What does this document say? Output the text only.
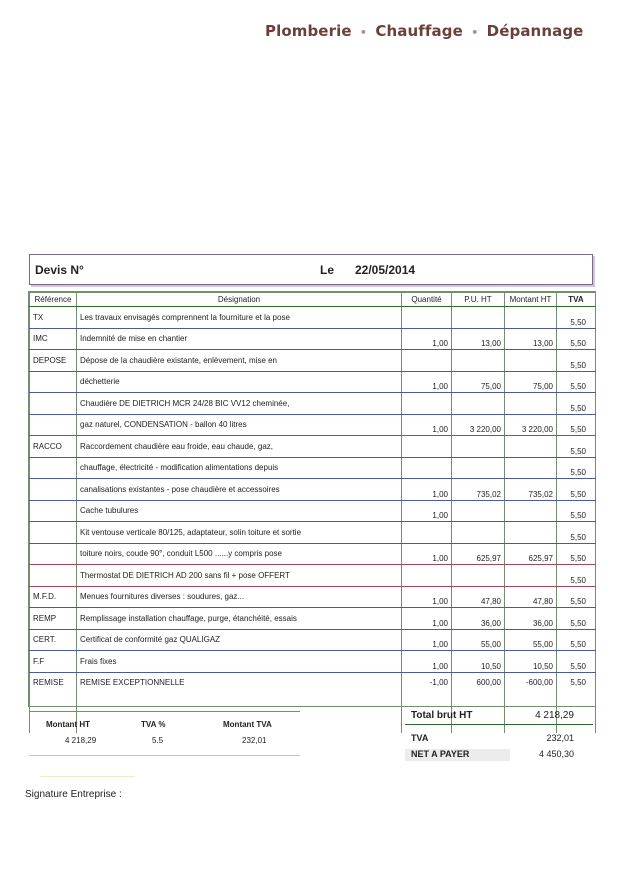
Plomberie • Chauffage • Dépannage
Devis N°	Le 22/05/2014
Référence	Désignation	Quantité	P.U. HT	Montant HT	TVA
TX	Les travaux envisagés comprennent la fourniture et la pose				5,50
IMC	Indemnité de mise en chantier	1,00	13,00	13,00	5,50
DEPOSE	Dépose de la chaudière existante, enlèvement, mise en				5,50
	déchetterie	1,00	75,00	75,00	5,50
	Chaudière DE DIETRICH MCR 24/28 BIC VV12 cheminée,				5,50
	gaz naturel, CONDENSATION - ballon 40 litres	1,00	3 220,00	3 220,00	5,50
RACCO	Raccordement chaudière eau froide, eau chaude, gaz,				5,50
	chauffage, électricité - modification alimentations depuis				5,50
	canalisations existantes - pose chaudière et accessoires	1,00	735,02	735,02	5,50
	Cache tubulures	1,00			5,50
	Kit ventouse verticale 80/125, adaptateur, solin toiture et sortie				5,50
	toiture noirs, coude 90°, conduit L500 ......y compris pose	1,00	625,97	625,97	5,50
	Thermostat DE DIETRICH AD 200 sans fil + pose OFFERT				5,50
M.F.D.	Menues fournitures diverses : soudures, gaz...	1,00	47,80	47,80	5,50
REMP	Remplissage installation chauffage, purge, étanchéité, essais	1,00	36,00	36,00	5,50
CERT.	Certificat de conformité gaz QUALIGAZ	1,00	55,00	55,00	5,50
F.F	Frais fixes	1,00	10,50	10,50	5,50
REMISE	REMISE EXCEPTIONNELLE	-1,00	600,00	-600,00	5,50
Montant HT	TVA %	Montant TVA
4 218,29	5.5	232,01
Total brut HT	4 218,29
TVA	232,01
NET A PAYER	4 450,30
Signature Entreprise :
